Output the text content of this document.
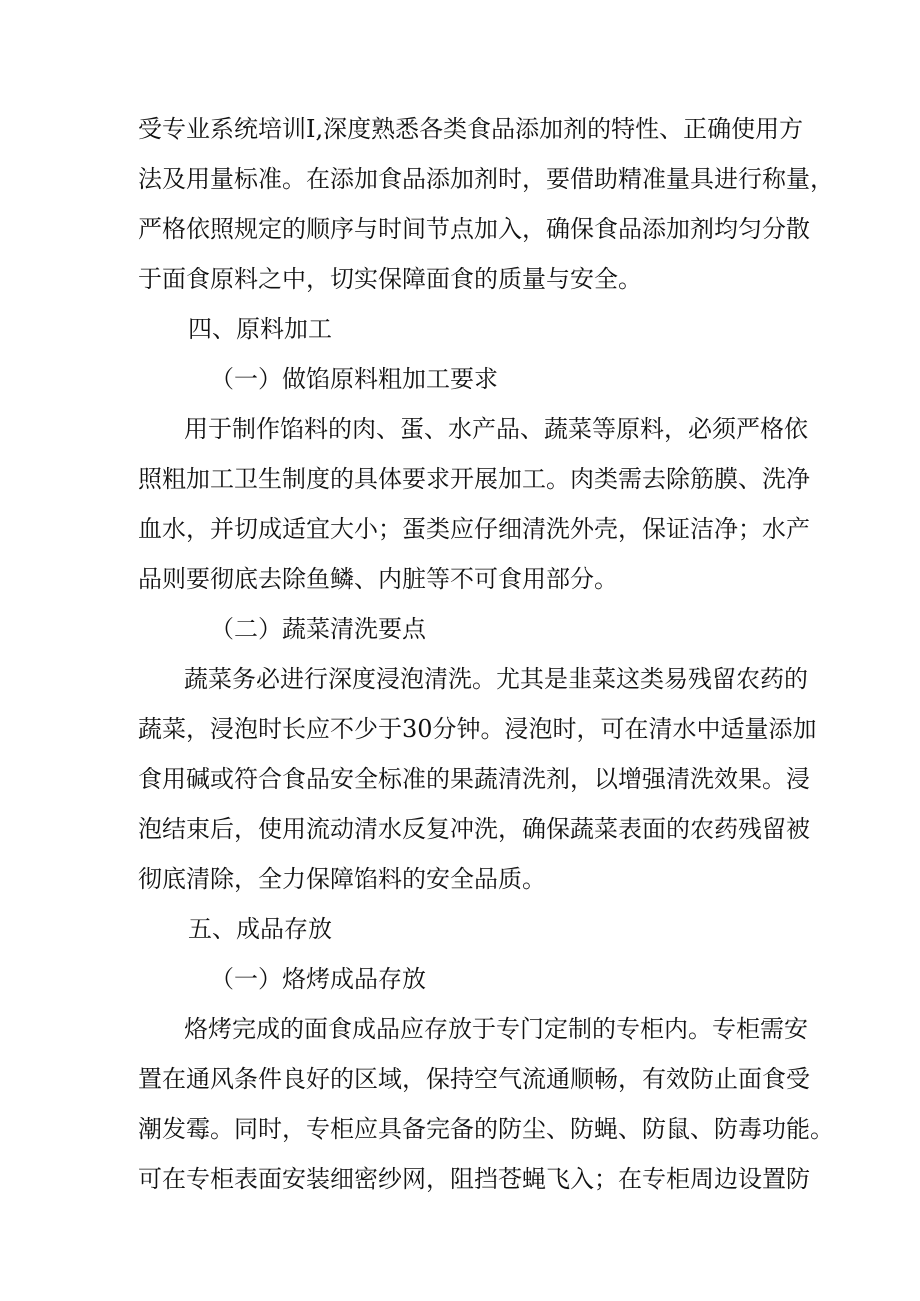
受专业系统培训I,深度熟悉各类食品添加剂的特性、正确使用方
法及用量标准。在添加食品添加剂时，要借助精准量具进行称量，
严格依照规定的顺序与时间节点加入，确保食品添加剂均匀分散
于面食原料之中，切实保障面食的质量与安全。
四、原料加工
（一）做馅原料粗加工要求
用于制作馅料的肉、蛋、水产品、蔬菜等原料，必须严格依
照粗加工卫生制度的具体要求开展加工。肉类需去除筋膜、洗净
血水，并切成适宜大小；蛋类应仔细清洗外壳，保证洁净；水产
品则要彻底去除鱼鳞、内脏等不可食用部分。
（二）蔬菜清洗要点
蔬菜务必进行深度浸泡清洗。尤其是韭菜这类易残留农药的
蔬菜，浸泡时长应不少于30分钟。浸泡时，可在清水中适量添加
食用碱或符合食品安全标准的果蔬清洗剂，以增强清洗效果。浸
泡结束后，使用流动清水反复冲洗，确保蔬菜表面的农药残留被
彻底清除，全力保障馅料的安全品质。
五、成品存放
（一）烙烤成品存放
烙烤完成的面食成品应存放于专门定制的专柜内。专柜需安
置在通风条件良好的区域，保持空气流通顺畅，有效防止面食受
潮发霉。同时，专柜应具备完备的防尘、防蝇、防鼠、防毒功能。
可在专柜表面安装细密纱网，阻挡苍蝇飞入；在专柜周边设置防
